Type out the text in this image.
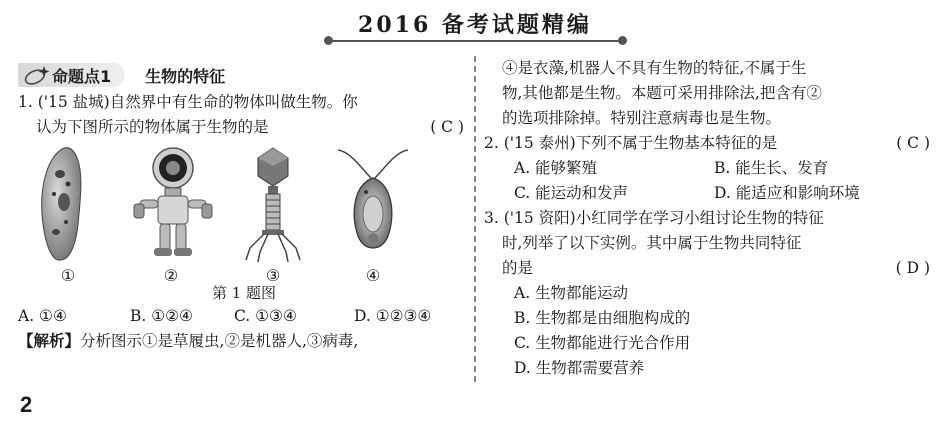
2016 备考试题精编
命题点1 生物的特征
1. ('15 盐城)自然界中有生命的物体叫做生物。你
认为下图所示的物体属于生物的是	( C )
①	②	③	④
第 1 题图
A. ①④	B. ①②④	C. ①③④	D. ①②③④
【解析】分析图示①是草履虫,②是机器人,③病毒,
④是衣藻,机器人不具有生物的特征,不属于生
物,其他都是生物。本题可采用排除法,把含有②
的选项排除掉。特别注意病毒也是生物。
2. ('15 泰州)下列不属于生物基本特征的是	( C )
A. 能够繁殖	B. 能生长、发育
C. 能运动和发声	D. 能适应和影响环境
3. ('15 资阳)小红同学在学习小组讨论生物的特征
时,列举了以下实例。其中属于生物共同特征
的是	( D )
A. 生物都能运动
B. 生物都是由细胞构成的
C. 生物都能进行光合作用
D. 生物都需要营养
2
